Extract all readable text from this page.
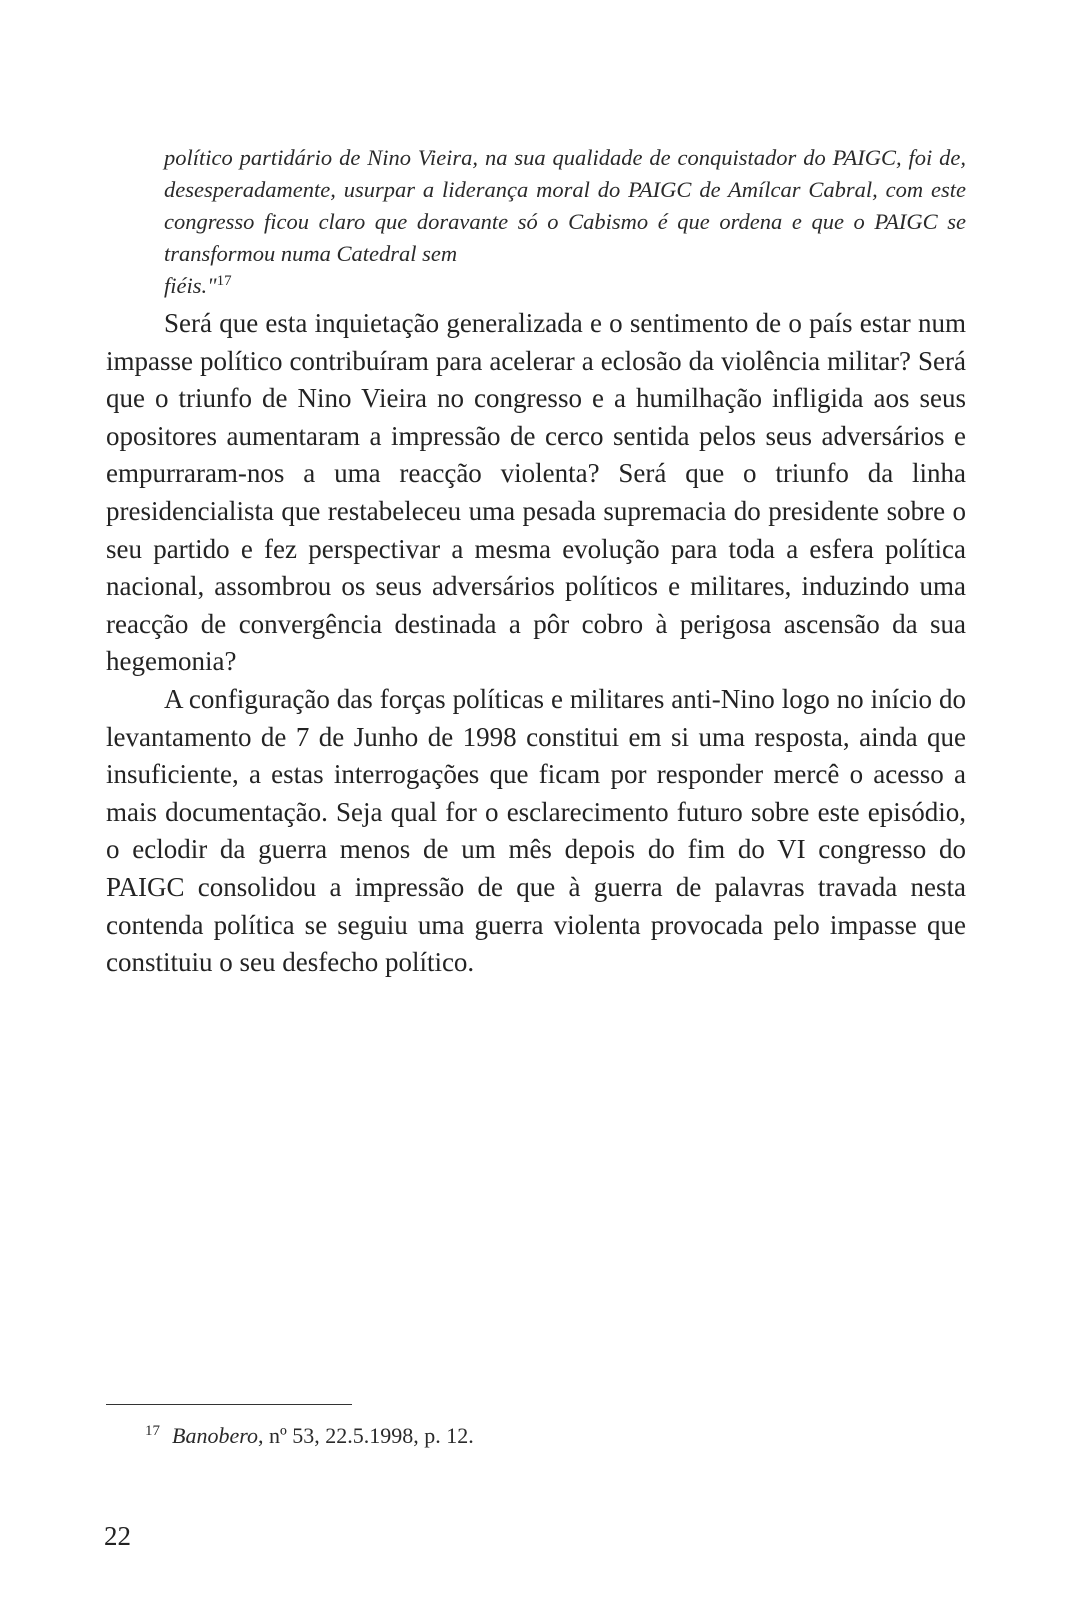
político partidário de Nino Vieira, na sua qualidade de conquistador do PAIGC, foi de, desesperadamente, usurpar a liderança moral do PAIGC de Amílcar Cabral, com este congresso ficou claro que doravante só o Cabismo é que ordena e que o PAIGC se transformou numa Catedral sem
fiéis."$^{17}$

Será que esta inquietação generalizada e o sentimento de o país estar num impasse político contribuíram para acelerar a eclosão da violência militar? Será que o triunfo de Nino Vieira no congresso e a humilhação infligida aos seus opositores aumentaram a impressão de cerco sentida pelos seus adversários e empurraram-nos a uma reacção violenta? Será que o triunfo da linha presidencialista que restabeleceu uma pesada supremacia do presidente sobre o seu partido e fez perspectivar a mesma evolução para toda a esfera política nacional, assombrou os seus adversários políticos e militares, induzindo uma reacção de convergência destinada a pôr cobro à perigosa ascensão da sua hegemonia?

A configuração das forças políticas e militares anti-Nino logo no início do levantamento de 7 de Junho de 1998 constitui em si uma resposta, ainda que insuficiente, a estas interrogações que ficam por responder mercê o acesso a mais documentação. Seja qual for o esclarecimento futuro sobre este episódio, o eclodir da guerra menos de um mês depois do fim do VI congresso do PAIGC consolidou a impressão de que à guerra de palavras travada nesta contenda política se seguiu uma guerra violenta provocada pelo impasse que constituiu o seu desfecho político.

$^{17}$ Banobero, nº 53, 22.5.1998, p. 12.
22
